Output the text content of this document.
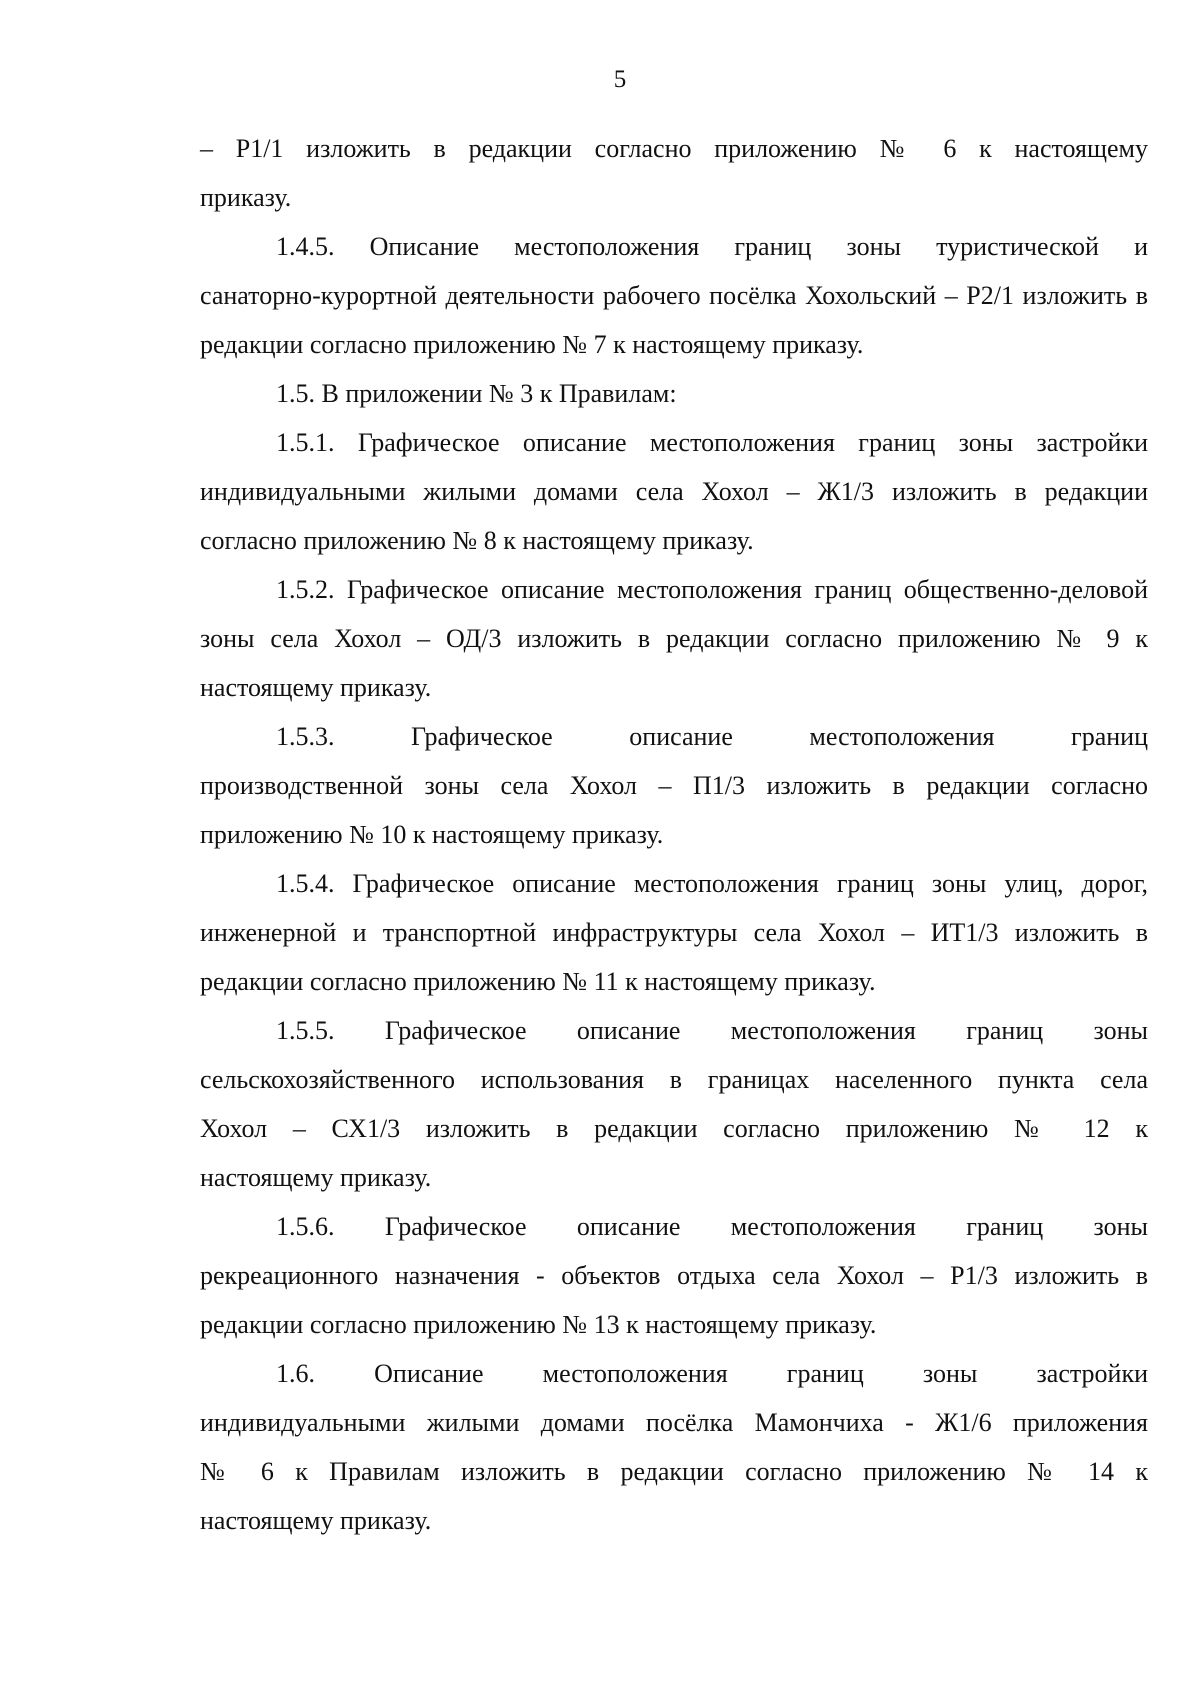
5

– Р1/1 изложить в редакции согласно приложению № 6 к настоящему

приказу.

1.4.5. Описание местоположения границ зоны туристической и

санаторно-курортной деятельности рабочего посёлка Хохольский – Р2/1 изложить в редакции согласно приложению № 7 к настоящему приказу.

1.5. В приложении № 3 к Правилам:

1.5.1. Графическое описание местоположения границ зоны застройки индивидуальными жилыми домами села Хохол – Ж1/3 изложить в редакции согласно приложению № 8 к настоящему приказу.

1.5.2. Графическое описание местоположения границ общественно-деловой зоны села Хохол – ОД/3 изложить в редакции согласно приложению № 9 к настоящему приказу.

1.5.3. Графическое описание местоположения границ

производственной зоны села Хохол – П1/3 изложить в редакции согласно приложению № 10 к настоящему приказу.

1.5.4. Графическое описание местоположения границ зоны улиц, дорог, инженерной и транспортной инфраструктуры села Хохол – ИТ1/3 изложить в редакции согласно приложению № 11 к настоящему приказу.

1.5.5. Графическое описание местоположения границ зоны

сельскохозяйственного использования в границах населенного пункта села

Хохол – СХ1/3 изложить в редакции согласно приложению № 12 к

настоящему приказу.

1.5.6. Графическое описание местоположения границ зоны

рекреационного назначения - объектов отдыха села Хохол – Р1/3 изложить в редакции согласно приложению № 13 к настоящему приказу.

1.6. Описание местоположения границ зоны застройки

индивидуальными жилыми домами посёлка Мамончиха - Ж1/6 приложения

№ 6 к Правилам изложить в редакции согласно приложению № 14 к

настоящему приказу.
